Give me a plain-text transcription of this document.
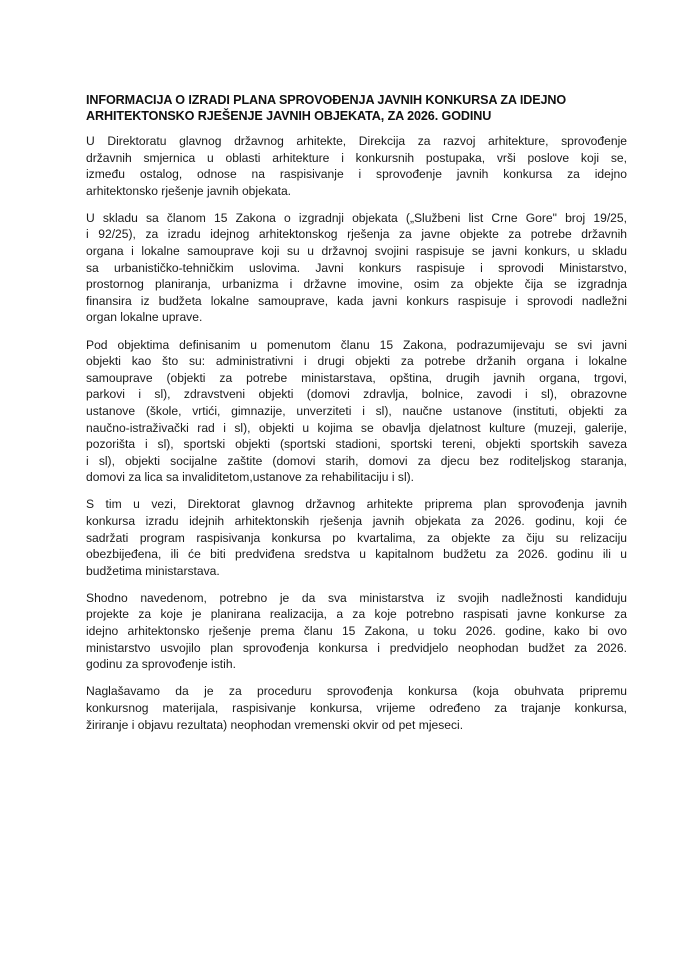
INFORMACIJA O IZRADI PLANA SPROVOĐENJA JAVNIH KONKURSA ZA IDEJNO
ARHITEKTONSKO RJEŠENJE JAVNIH OBJEKATA, ZA 2026. GODINU

U Direktoratu glavnog državnog arhitekte, Direkcija za razvoj arhitekture, sprovođenje
državnih smjernica u oblasti arhitekture i konkursnih postupaka, vrši poslove koji se,
između ostalog, odnose na raspisivanje i sprovođenje javnih konkursa za idejno
arhitektonsko rješenje javnih objekata.

U skladu sa članom 15 Zakona o izgradnji objekata („Službeni list Crne Gore" broj 19/25,
i 92/25), za izradu idejnog arhitektonskog rješenja za javne objekte za potrebe državnih
organa i lokalne samouprave koji su u državnoj svojini raspisuje se javni konkurs, u skladu
sa urbanističko-tehničkim uslovima. Javni konkurs raspisuje i sprovodi Ministarstvo,
prostornog planiranja, urbanizma i državne imovine, osim za objekte čija se izgradnja
finansira iz budžeta lokalne samouprave, kada javni konkurs raspisuje i sprovodi nadležni
organ lokalne uprave.

Pod objektima definisanim u pomenutom članu 15 Zakona, podrazumijevaju se svi javni
objekti kao što su: administrativni i drugi objekti za potrebe držanih organa i lokalne
samouprave (objekti za potrebe ministarstava, opština, drugih javnih organa, trgovi,
parkovi i sl), zdravstveni objekti (domovi zdravlja, bolnice, zavodi i sl), obrazovne
ustanove (škole, vrtići, gimnazije, unverziteti i sl), naučne ustanove (instituti, objekti za
naučno-istraživački rad i sl), objekti u kojima se obavlja djelatnost kulture (muzeji, galerije,
pozorišta i sl), sportski objekti (sportski stadioni, sportski tereni, objekti sportskih saveza
i sl), objekti socijalne zaštite (domovi starih, domovi za djecu bez roditeljskog staranja,
domovi za lica sa invaliditetom,ustanove za rehabilitaciju i sl).

S tim u vezi, Direktorat glavnog državnog arhitekte priprema plan sprovođenja javnih
konkursa izradu idejnih arhitektonskih rješenja javnih objekata za 2026. godinu, koji će
sadržati program raspisivanja konkursa po kvartalima, za objekte za čiju su relizaciju
obezbijeđena, ili će biti predviđena sredstva u kapitalnom budžetu za 2026. godinu ili u
budžetima ministarstava.

Shodno navedenom, potrebno je da sva ministarstva iz svojih nadležnosti kandiduju
projekte za koje je planirana realizacija, a za koje potrebno raspisati javne konkurse za
idejno arhitektonsko rješenje prema članu 15 Zakona, u toku 2026. godine, kako bi ovo
ministarstvo usvojilo plan sprovođenja konkursa i predvidjelo neophodan budžet za 2026.
godinu za sprovođenje istih.

Naglašavamo da je za proceduru sprovođenja konkursa (koja obuhvata pripremu
konkursnog materijala, raspisivanje konkursa, vrijeme određeno za trajanje konkursa,
žiriranje i objavu rezultata) neophodan vremenski okvir od pet mjeseci.
